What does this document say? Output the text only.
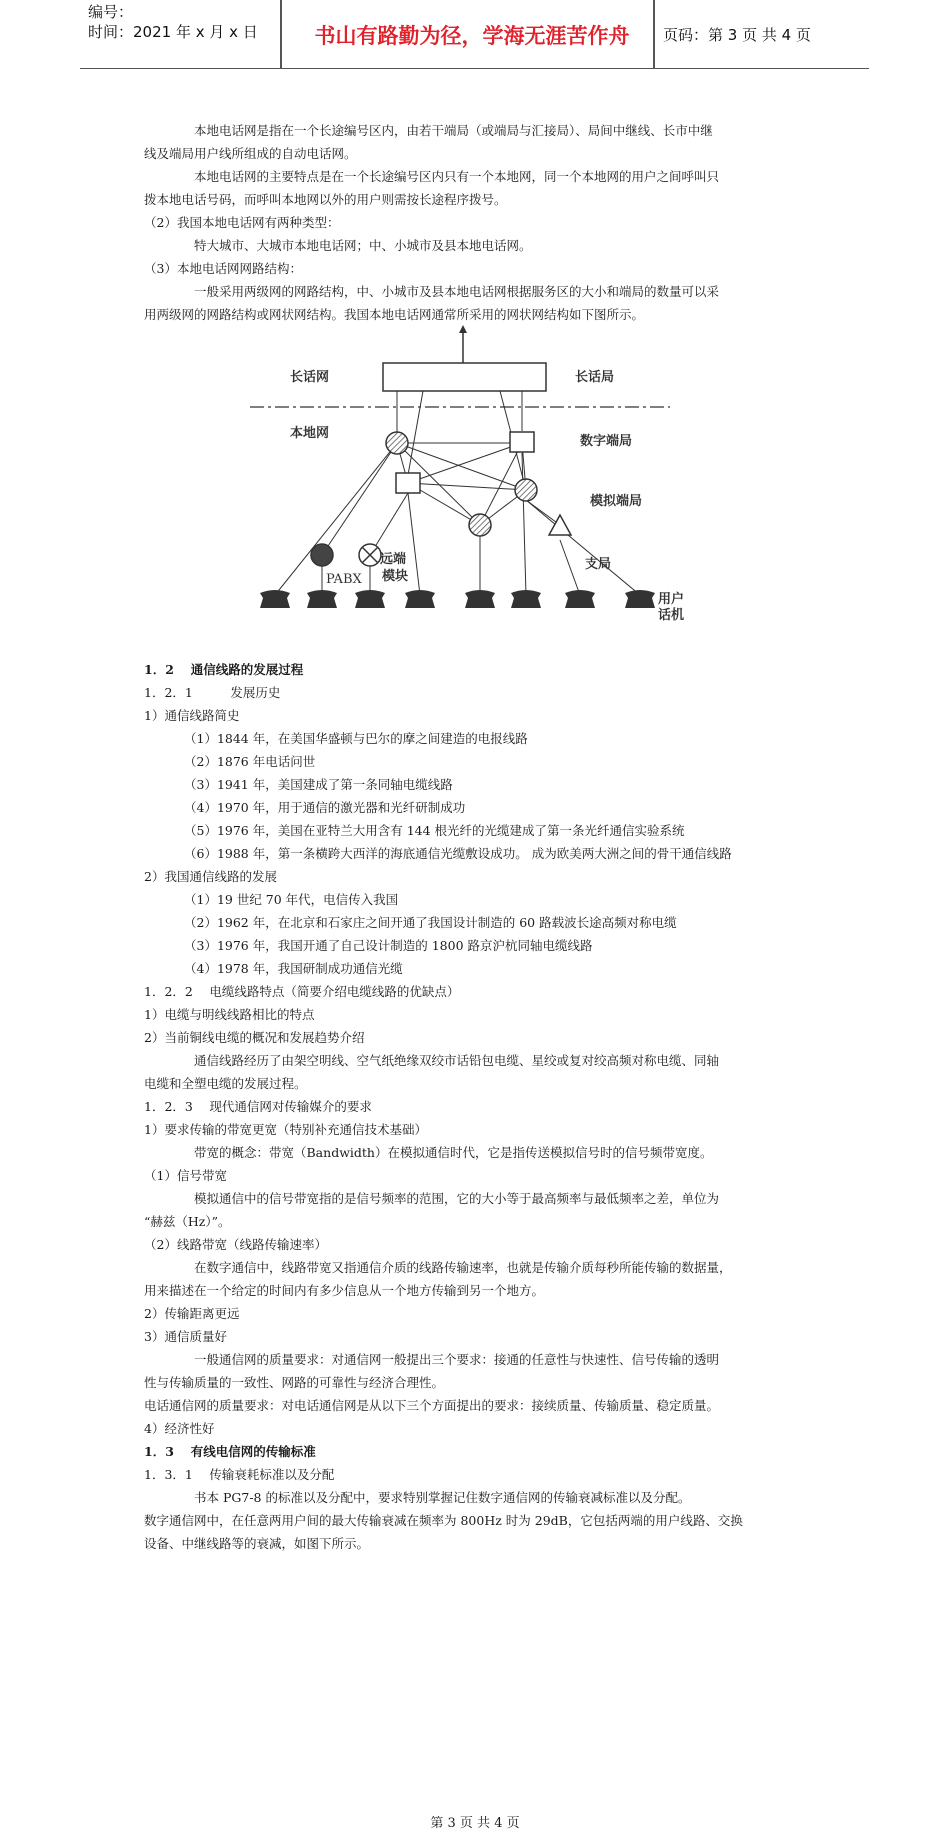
编号：
时间：2021 年 x 月 x 日	书山有路勤为径，学海无涯苦作舟	页码：第 3 页 共 4 页
本地电话网是指在一个长途编号区内，由若干端局（或端局与汇接局）、局间中继线、长市中继
线及端局用户线所组成的自动电话网。
本地电话网的主要特点是在一个长途编号区内只有一个本地网，同一个本地网的用户之间呼叫只
拨本地电话号码，而呼叫本地网以外的用户则需按长途程序拨号。
（2）我国本地电话网有两种类型：
特大城市、大城市本地电话网；中、小城市及县本地电话网。
（3）本地电话网网路结构：
一般采用两级网的网路结构，中、小城市及县本地电话网根据服务区的大小和端局的数量可以采
用两级网的网路结构或网状网结构。我国本地电话网通常所采用的网状网结构如下图所示。
长话网	长话局
本地网
数字端局
模拟端局
支局
远端
模块
用户
话机
PABX
1．2　 通信线路的发展过程
1．2．1　　　发展历史
1）通信线路简史
（1）1844 年，在美国华盛顿与巴尔的摩之间建造的电报线路
（2）1876 年电话问世
（3）1941 年，美国建成了第一条同轴电缆线路
（4）1970 年，用于通信的激光器和光纤研制成功
（5）1976 年，美国在亚特兰大用含有 144 根光纤的光缆建成了第一条光纤通信实验系统
（6）1988 年，第一条横跨大西洋的海底通信光缆敷设成功。 成为欧美两大洲之间的骨干通信线路
2）我国通信线路的发展
（1）19 世纪 70 年代，电信传入我国
（2）1962 年，在北京和石家庄之间开通了我国设计制造的 60 路载波长途高频对称电缆
（3）1976 年，我国开通了自己设计制造的 1800 路京沪杭同轴电缆线路
（4）1978 年，我国研制成功通信光缆
1．2．2　 电缆线路特点（简要介绍电缆线路的优缺点）
1）电缆与明线线路相比的特点
2）当前铜线电缆的概况和发展趋势介绍
通信线路经历了由架空明线、空气纸绝缘双绞市话铅包电缆、星绞或复对绞高频对称电缆、同轴
电缆和全塑电缆的发展过程。
1．2．3　 现代通信网对传输媒介的要求
1）要求传输的带宽更宽（特别补充通信技术基础）
带宽的概念：带宽（Bandwidth）在模拟通信时代，它是指传送模拟信号时的信号频带宽度。
（1）信号带宽
模拟通信中的信号带宽指的是信号频率的范围，它的大小等于最高频率与最低频率之差，单位为
“赫兹（Hz）”。
（2）线路带宽（线路传输速率）
在数字通信中，线路带宽又指通信介质的线路传输速率，也就是传输介质每秒所能传输的数据量，
用来描述在一个给定的时间内有多少信息从一个地方传输到另一个地方。
2）传输距离更远
3）通信质量好
一般通信网的质量要求：对通信网一般提出三个要求：接通的任意性与快速性、信号传输的透明
性与传输质量的一致性、网路的可靠性与经济合理性。
电话通信网的质量要求：对电话通信网是从以下三个方面提出的要求：接续质量、传输质量、稳定质量。
4）经济性好
1．3　 有线电信网的传输标准
1．3．1　 传输衰耗标准以及分配
书本 PG7-8 的标准以及分配中，要求特别掌握记住数字通信网的传输衰减标准以及分配。
数字通信网中，在任意两用户间的最大传输衰减在频率为 800Hz 时为 29dB，它包括两端的用户线路、交换
设备、中继线路等的衰减，如图下所示。
第 3 页 共 4 页
